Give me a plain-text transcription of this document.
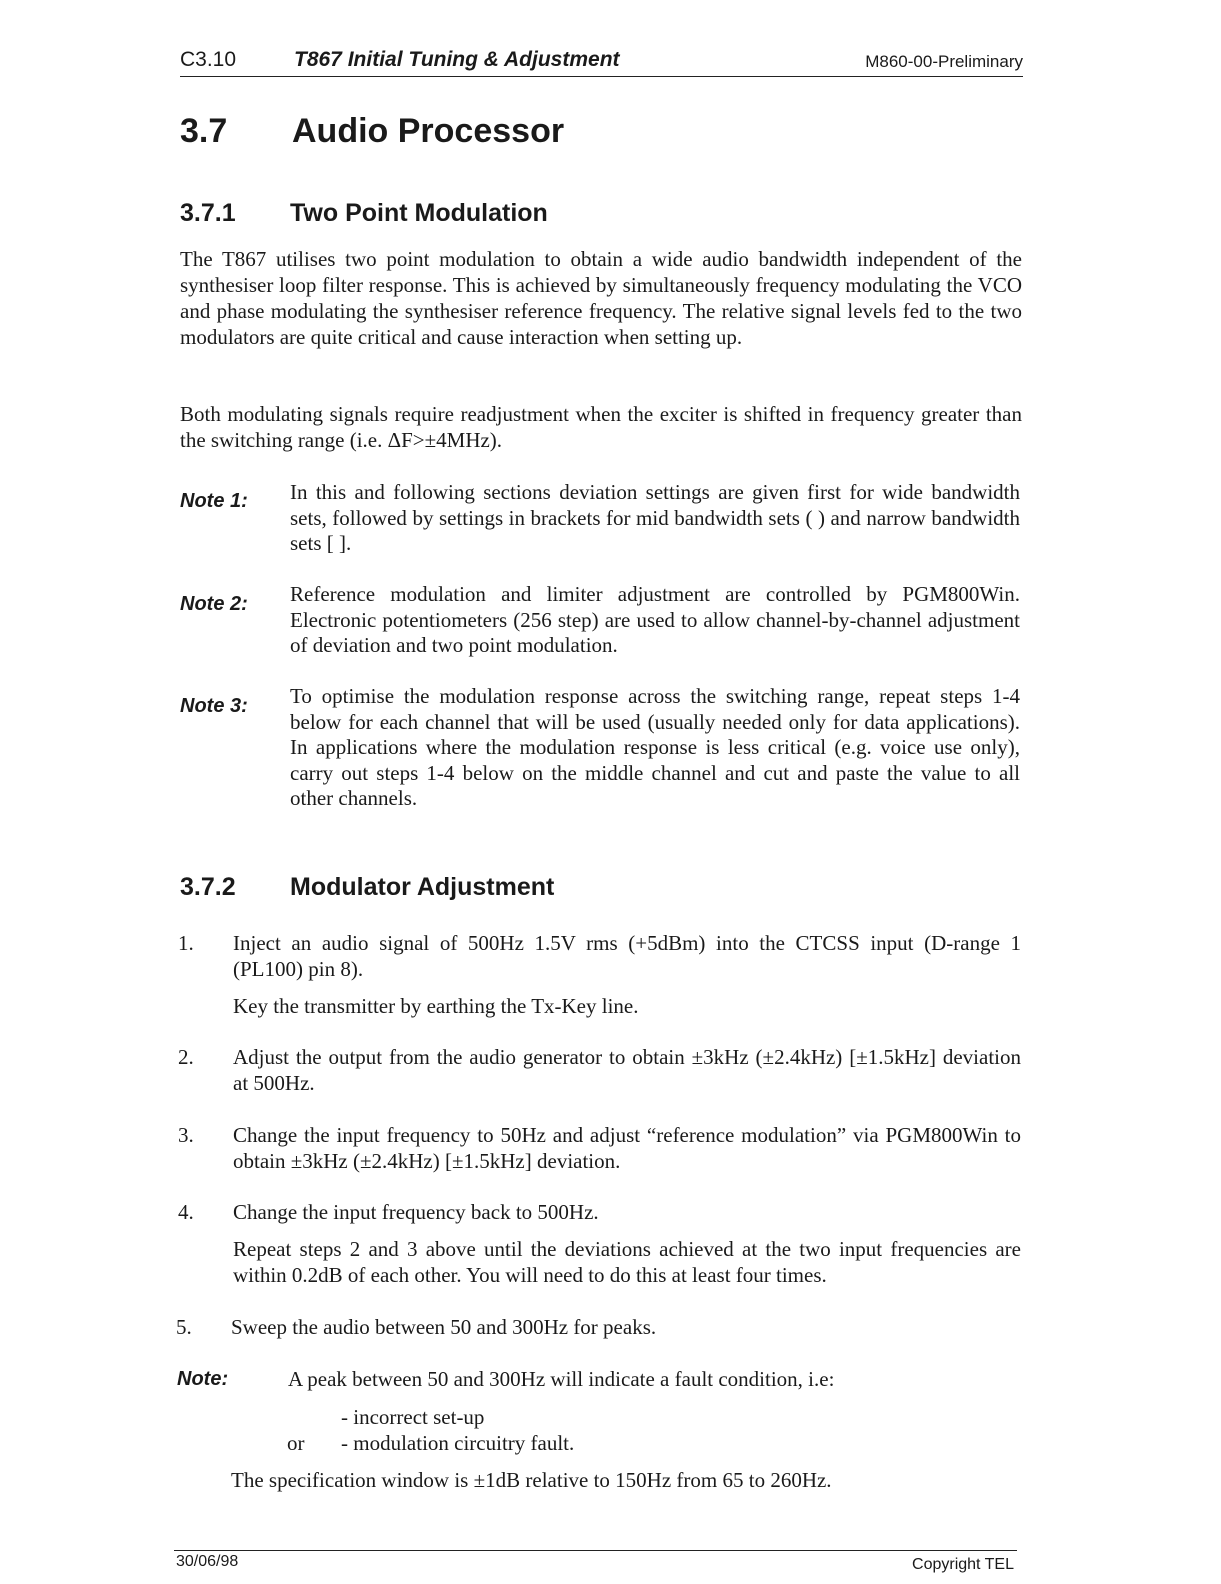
C3.10	T867 Initial Tuning & Adjustment	M860-00-Preliminary
3.7 Audio Processor
3.7.1 Two Point Modulation

The T867 utilises two point modulation to obtain a wide audio bandwidth independent of the synthesiser loop filter response. This is achieved by simultaneously frequency modulating the VCO and phase modulating the synthesiser reference frequency. The relative signal levels fed to the two modulators are quite critical and cause interaction when setting up.

Both modulating signals require readjustment when the exciter is shifted in frequency greater than the switching range (i.e. ΔF>±4MHz).

Note 1: In this and following sections deviation settings are given first for wide bandwidth sets, followed by settings in brackets for mid bandwidth sets ( ) and narrow bandwidth sets [ ].

Note 2: Reference modulation and limiter adjustment are controlled by PGM800Win. Electronic potentiometers (256 step) are used to allow channel-by-channel adjustment of deviation and two point modulation.

Note 3: To optimise the modulation response across the switching range, repeat steps 1-4 below for each channel that will be used (usually needed only for data applications). In applications where the modulation response is less critical (e.g. voice use only), carry out steps 1-4 below on the middle channel and cut and paste the value to all other channels.

3.7.2 Modulator Adjustment
1. Inject an audio signal of 500Hz 1.5V rms (+5dBm) into the CTCSS input (D-range 1 (PL100) pin 8).

Key the transmitter by earthing the Tx-Key line.

2. Adjust the output from the audio generator to obtain ±3kHz (±2.4kHz) [±1.5kHz] deviation at 500Hz.

3. Change the input frequency to 50Hz and adjust “reference modulation” via PGM800Win to obtain ±3kHz (±2.4kHz) [±1.5kHz] deviation.

4. Change the input frequency back to 500Hz.

Repeat steps 2 and 3 above until the deviations achieved at the two input frequencies are within 0.2dB of each other. You will need to do this at least four times.

5. Sweep the audio between 50 and 300Hz for peaks.

Note:	A peak between 50 and 300Hz will indicate a fault condition, i.e:

- incorrect set-up
or - modulation circuitry fault.

The specification window is ±1dB relative to 150Hz from 65 to 260Hz.

30/06/98	Copyright TEL
